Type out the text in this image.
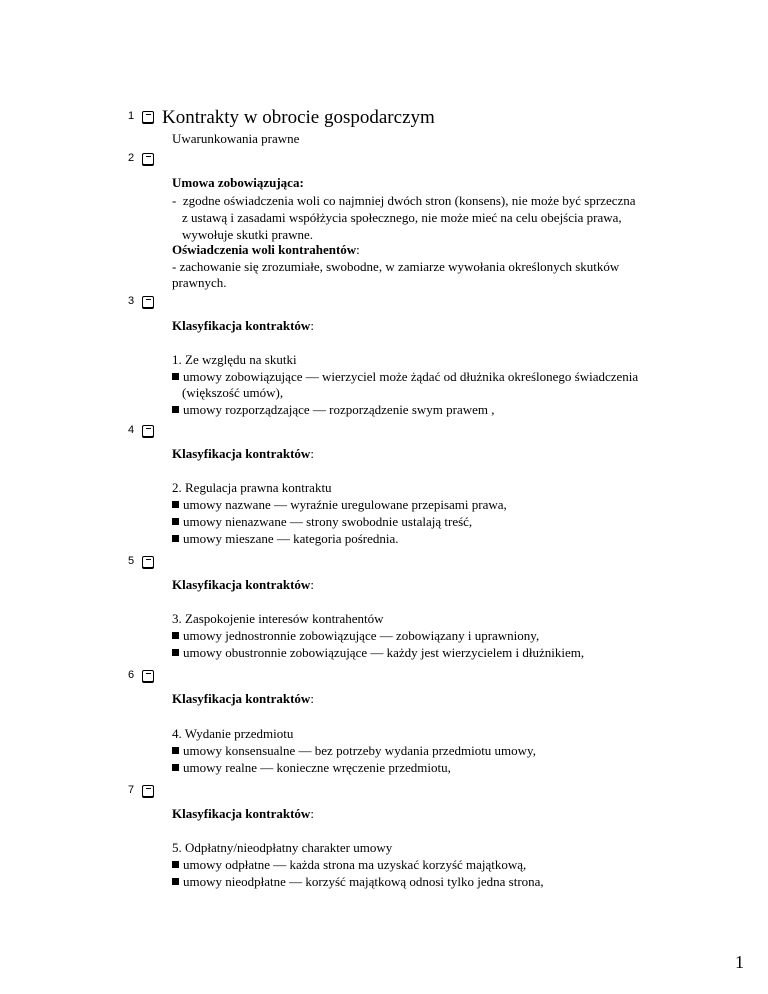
1 Kontrakty w obrocie gospodarczym
Uwarunkowania prawne
2
Umowa zobowiązująca:
- zgodne oświadczenia woli co najmniej dwóch stron (konsens), nie może być sprzeczna
z ustawą i zasadami współżycia społecznego, nie może mieć na celu obejścia prawa,
wywołuje skutki prawne.
Oświadczenia woli kontrahentów:
- zachowanie się zrozumiałe, swobodne, w zamiarze wywołania określonych skutków
prawnych.
3
Klasyfikacja kontraktów:
1. Ze względu na skutki
umowy zobowiązujące — wierzyciel może żądać od dłużnika określonego świadczenia
(większość umów),
umowy rozporządzające — rozporządzenie swym prawem ,
4
Klasyfikacja kontraktów:
2. Regulacja prawna kontraktu
umowy nazwane — wyraźnie uregulowane przepisami prawa,
umowy nienazwane — strony swobodnie ustalają treść,
umowy mieszane — kategoria pośrednia.
5
Klasyfikacja kontraktów:
3. Zaspokojenie interesów kontrahentów
umowy jednostronnie zobowiązujące — zobowiązany i uprawniony,
umowy obustronnie zobowiązujące — każdy jest wierzycielem i dłużnikiem,
6
Klasyfikacja kontraktów:
4. Wydanie przedmiotu
umowy konsensualne — bez potrzeby wydania przedmiotu umowy,
umowy realne — konieczne wręczenie przedmiotu,
7
Klasyfikacja kontraktów:
5. Odpłatny/nieodpłatny charakter umowy
umowy odpłatne — każda strona ma uzyskać korzyść majątkową,
umowy nieodpłatne — korzyść majątkową odnosi tylko jedna strona,
1
